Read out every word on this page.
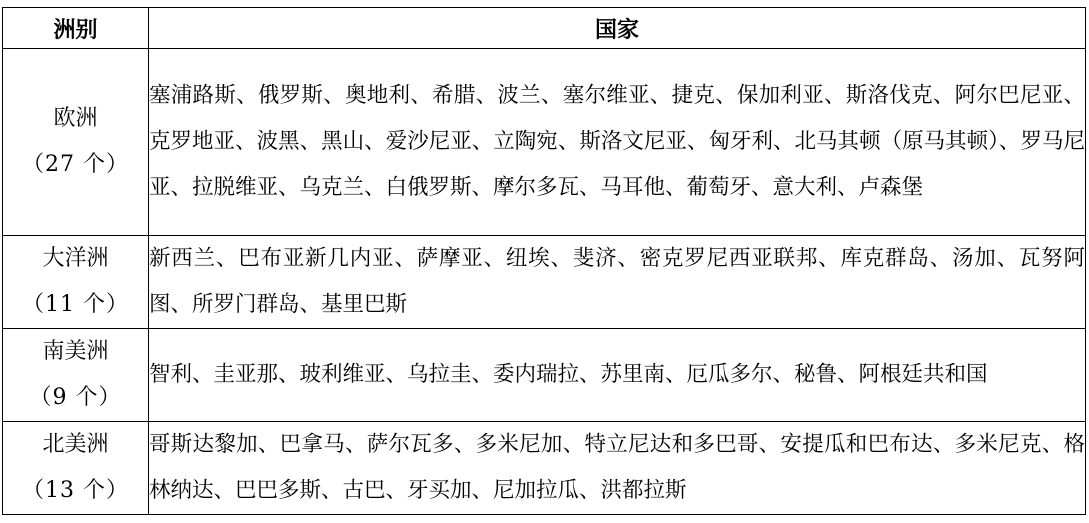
洲别	国家
欧洲
（27 个）	塞浦路斯、俄罗斯、奥地利、希腊、波兰、塞尔维亚、捷克、保加利亚、斯洛伐克、阿尔巴尼亚、克罗地亚、波黑、黑山、爱沙尼亚、立陶宛、斯洛文尼亚、匈牙利、北马其顿（原马其顿）、罗马尼亚、拉脱维亚、乌克兰、白俄罗斯、摩尔多瓦、马耳他、葡萄牙、意大利、卢森堡
大洋洲
（11 个）	新西兰、巴布亚新几内亚、萨摩亚、纽埃、斐济、密克罗尼西亚联邦、库克群岛、汤加、瓦努阿图、所罗门群岛、基里巴斯
南美洲
（9 个）	智利、圭亚那、玻利维亚、乌拉圭、委内瑞拉、苏里南、厄瓜多尔、秘鲁、阿根廷共和国
北美洲
（13 个）	哥斯达黎加、巴拿马、萨尔瓦多、多米尼加、特立尼达和多巴哥、安提瓜和巴布达、多米尼克、格林纳达、巴巴多斯、古巴、牙买加、尼加拉瓜、洪都拉斯
